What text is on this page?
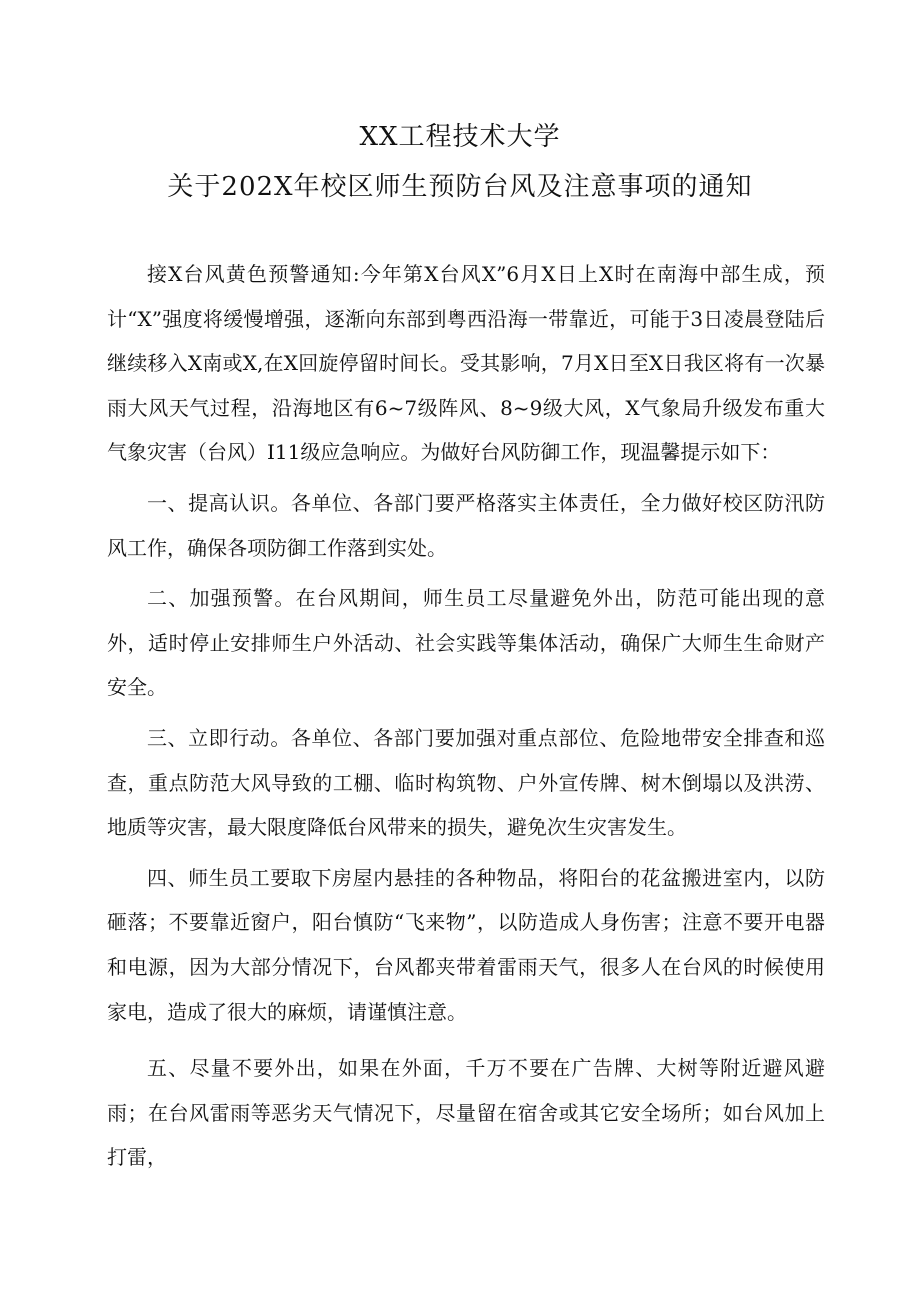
XX工程技术大学
关于202X年校区师生预防台风及注意事项的通知

接X台风黄色预警通知:今年第X台风X”6月X日上X时在南海中部生成，预计“X”强度将缓慢增强，逐渐向东部到粤西沿海一带靠近，可能于3日凌晨登陆后继续移入X南或X,在X回旋停留时间长。受其影响，7月X日至X日我区将有一次暴雨大风天气过程，沿海地区有6~7级阵风、8~9级大风，X气象局升级发布重大气象灾害（台风）I11级应急响应。为做好台风防御工作，现温馨提示如下：

一、提高认识。各单位、各部门要严格落实主体责任，全力做好校区防汛防风工作，确保各项防御工作落到实处。

二、加强预警。在台风期间，师生员工尽量避免外出，防范可能出现的意外，适时停止安排师生户外活动、社会实践等集体活动，确保广大师生生命财产安全。

三、立即行动。各单位、各部门要加强对重点部位、危险地带安全排查和巡查，重点防范大风导致的工棚、临时构筑物、户外宣传牌、树木倒塌以及洪涝、地质等灾害，最大限度降低台风带来的损失，避免次生灾害发生。

四、师生员工要取下房屋内悬挂的各种物品，将阳台的花盆搬进室内，以防砸落；不要靠近窗户，阳台慎防“飞来物”，以防造成人身伤害；注意不要开电器和电源，因为大部分情况下，台风都夹带着雷雨天气，很多人在台风的时候使用家电，造成了很大的麻烦，请谨慎注意。

五、尽量不要外出，如果在外面，千万不要在广告牌、大树等附近避风避雨；在台风雷雨等恶劣天气情况下，尽量留在宿舍或其它安全场所；如台风加上打雷，
